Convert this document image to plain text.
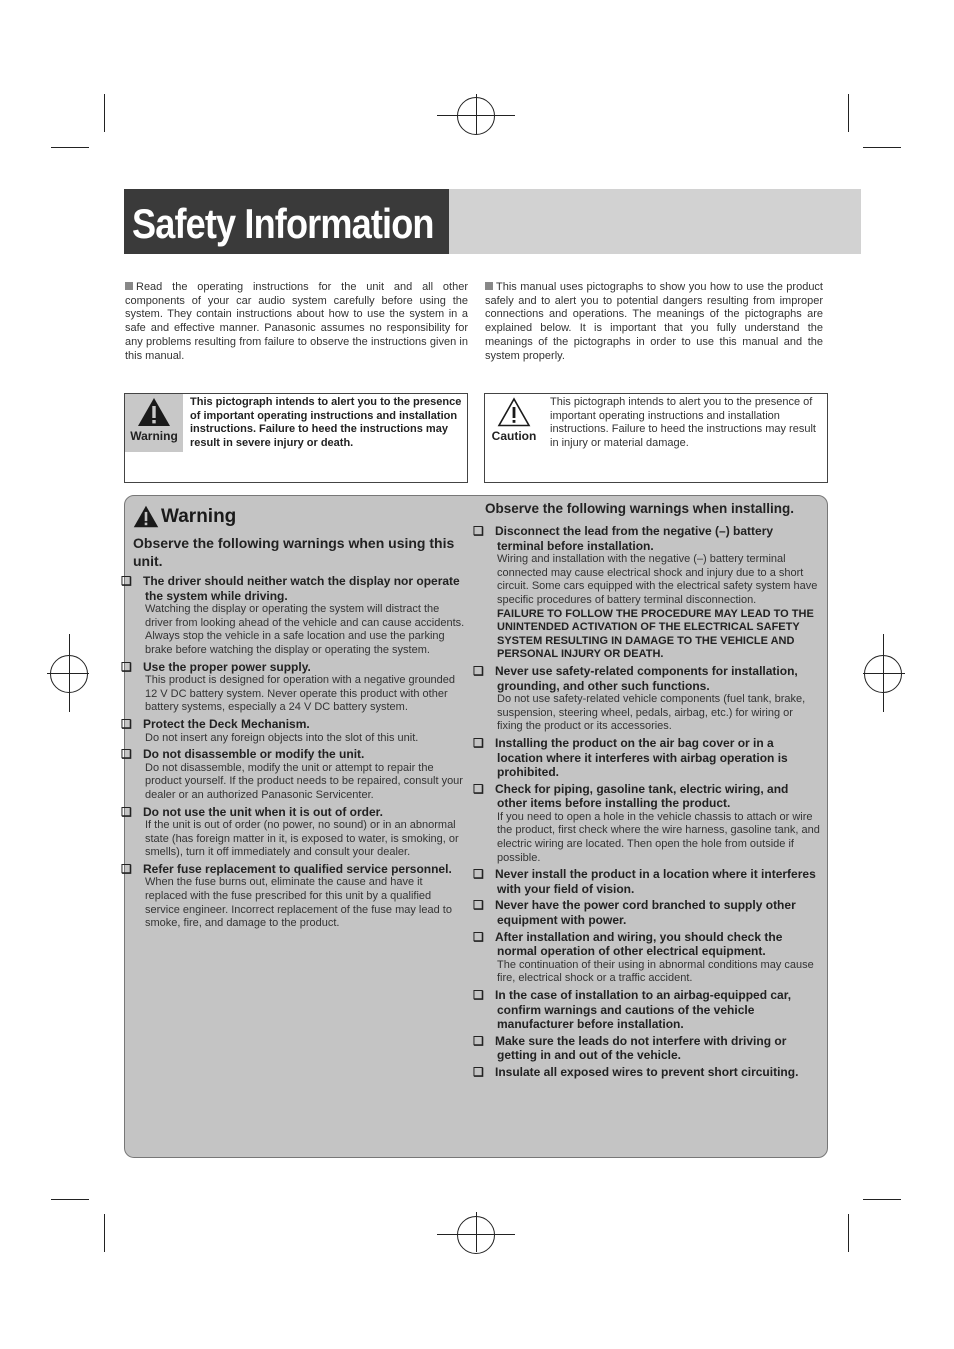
Safety Information
Read the operating instructions for the unit and all other components of your car audio system carefully before using the system. They contain instructions about how to use the system in a safe and effective manner. Panasonic assumes no responsibility for any problems resulting from failure to observe the instructions given in this manual.
This manual uses pictographs to show you how to use the product safely and to alert you to potential dangers resulting from improper connections and operations. The meanings of the pictographs are explained below. It is important that you fully understand the meanings of the pictographs in order to use this manual and the system properly.
Warning
This pictograph intends to alert you to the presence of important operating instructions and installation instructions. Failure to heed the instructions may result in severe injury or death.	Caution
This pictograph intends to alert you to the presence of important operating instructions and installation instructions. Failure to heed the instructions may result in injury or material damage.
Warning
Observe the following warnings when using this unit.
❏ The driver should neither watch the display nor operate the system while driving.
Watching the display or operating the system will distract the driver from looking ahead of the vehicle and can cause accidents. Always stop the vehicle in a safe location and use the parking brake before watching the display or operating the system.
❏ Use the proper power supply.
This product is designed for operation with a negative grounded 12 V DC battery system. Never operate this product with other battery systems, especially a 24 V DC battery system.
❏ Protect the Deck Mechanism.
Do not insert any foreign objects into the slot of this unit.
❏ Do not disassemble or modify the unit.
Do not disassemble, modify the unit or attempt to repair the product yourself. If the product needs to be repaired, consult your dealer or an authorized Panasonic Servicenter.
❏ Do not use the unit when it is out of order.
If the unit is out of order (no power, no sound) or in an abnormal state (has foreign matter in it, is exposed to water, is smoking, or smells), turn it off immediately and consult your dealer.
❏ Refer fuse replacement to qualified service personnel.
When the fuse burns out, eliminate the cause and have it replaced with the fuse prescribed for this unit by a qualified service engineer. Incorrect replacement of the fuse may lead to smoke, fire, and damage to the product.
Observe the following warnings when installing.
❏ Disconnect the lead from the negative (–) battery terminal before installation.
Wiring and installation with the negative (–) battery terminal connected may cause electrical shock and injury due to a short circuit. Some cars equipped with the electrical safety system have specific procedures of battery terminal disconnection.
FAILURE TO FOLLOW THE PROCEDURE MAY LEAD TO THE UNINTENDED ACTIVATION OF THE ELECTRICAL SAFETY SYSTEM RESULTING IN DAMAGE TO THE VEHICLE AND PERSONAL INJURY OR DEATH.
❏ Never use safety-related components for installation, grounding, and other such functions.
Do not use safety-related vehicle components (fuel tank, brake, suspension, steering wheel, pedals, airbag, etc.) for wiring or fixing the product or its accessories.
❏ Installing the product on the air bag cover or in a location where it interferes with airbag operation is prohibited.
❏ Check for piping, gasoline tank, electric wiring, and other items before installing the product.
If you need to open a hole in the vehicle chassis to attach or wire the product, first check where the wire harness, gasoline tank, and electric wiring are located. Then open the hole from outside if possible.
❏ Never install the product in a location where it interferes with your field of vision.
❏ Never have the power cord branched to supply other equipment with power.
❏ After installation and wiring, you should check the normal operation of other electrical equipment.
The continuation of their using in abnormal conditions may cause fire, electrical shock or a traffic accident.
❏ In the case of installation to an airbag-equipped car, confirm warnings and cautions of the vehicle manufacturer before installation.
❏ Make sure the leads do not interfere with driving or getting in and out of the vehicle.
❏ Insulate all exposed wires to prevent short circuiting.
